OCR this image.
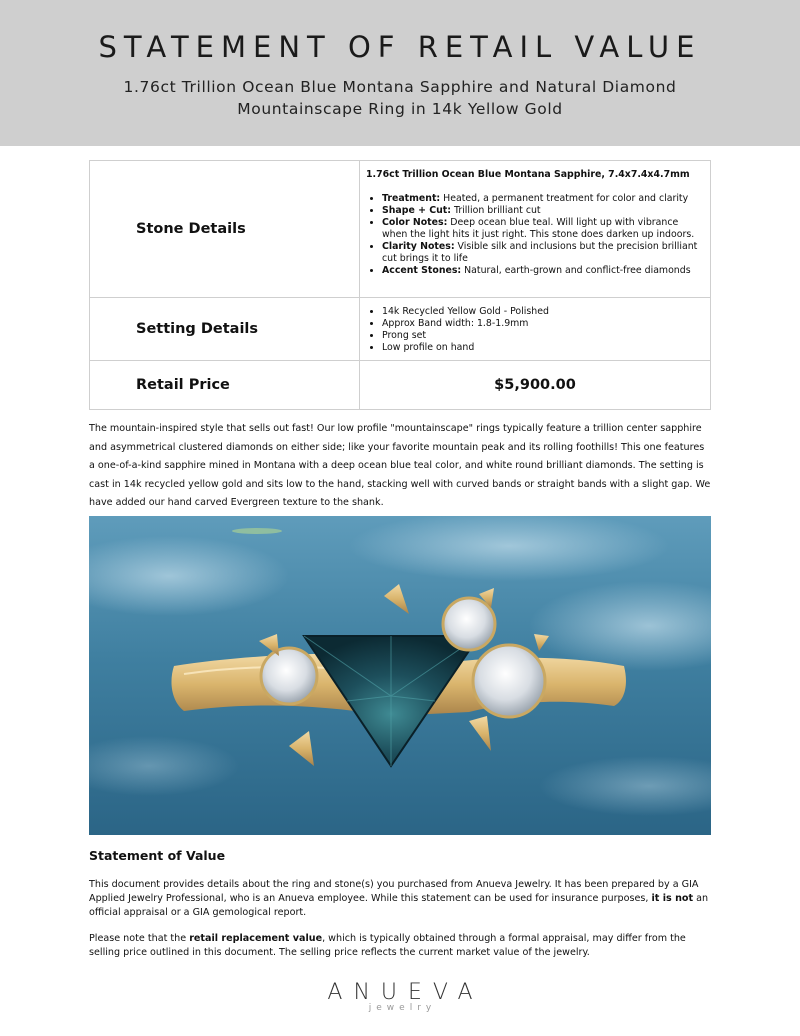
STATEMENT OF RETAIL VALUE
1.76ct Trillion Ocean Blue Montana Sapphire and Natural Diamond Mountainscape Ring in 14k Yellow Gold
Stone Details
1.76ct Trillion Ocean Blue Montana Sapphire, 7.4x7.4x4.7mm
• Treatment: Heated, a permanent treatment for color and clarity
• Shape + Cut: Trillion brilliant cut
• Color Notes: Deep ocean blue teal. Will light up with vibrance when the light hits it just right. This stone does darken up indoors.
• Clarity Notes: Visible silk and inclusions but the precision brilliant cut brings it to life
• Accent Stones: Natural, earth-grown and conflict-free diamonds
Setting Details
• 14k Recycled Yellow Gold - Polished
• Approx Band width: 1.8-1.9mm
• Prong set
• Low profile on hand
Retail Price	$5,900.00
The mountain-inspired style that sells out fast! Our low profile "mountainscape" rings typically feature a trillion center sapphire and asymmetrical clustered diamonds on either side; like your favorite mountain peak and its rolling foothills! This one features a one-of-a-kind sapphire mined in Montana with a deep ocean blue teal color, and white round brilliant diamonds. The setting is cast in 14k recycled yellow gold and sits low to the hand, stacking well with curved bands or straight bands with a slight gap. We have added our hand carved Evergreen texture to the shank.
Statement of Value
This document provides details about the ring and stone(s) you purchased from Anueva Jewelry. It has been prepared by a GIA Applied Jewelry Professional, who is an Anueva employee. While this statement can be used for insurance purposes, it is not an official appraisal or a GIA gemological report.
Please note that the retail replacement value, which is typically obtained through a formal appraisal, may differ from the selling price outlined in this document. The selling price reflects the current market value of the jewelry.
ANUEVA
jewelry
